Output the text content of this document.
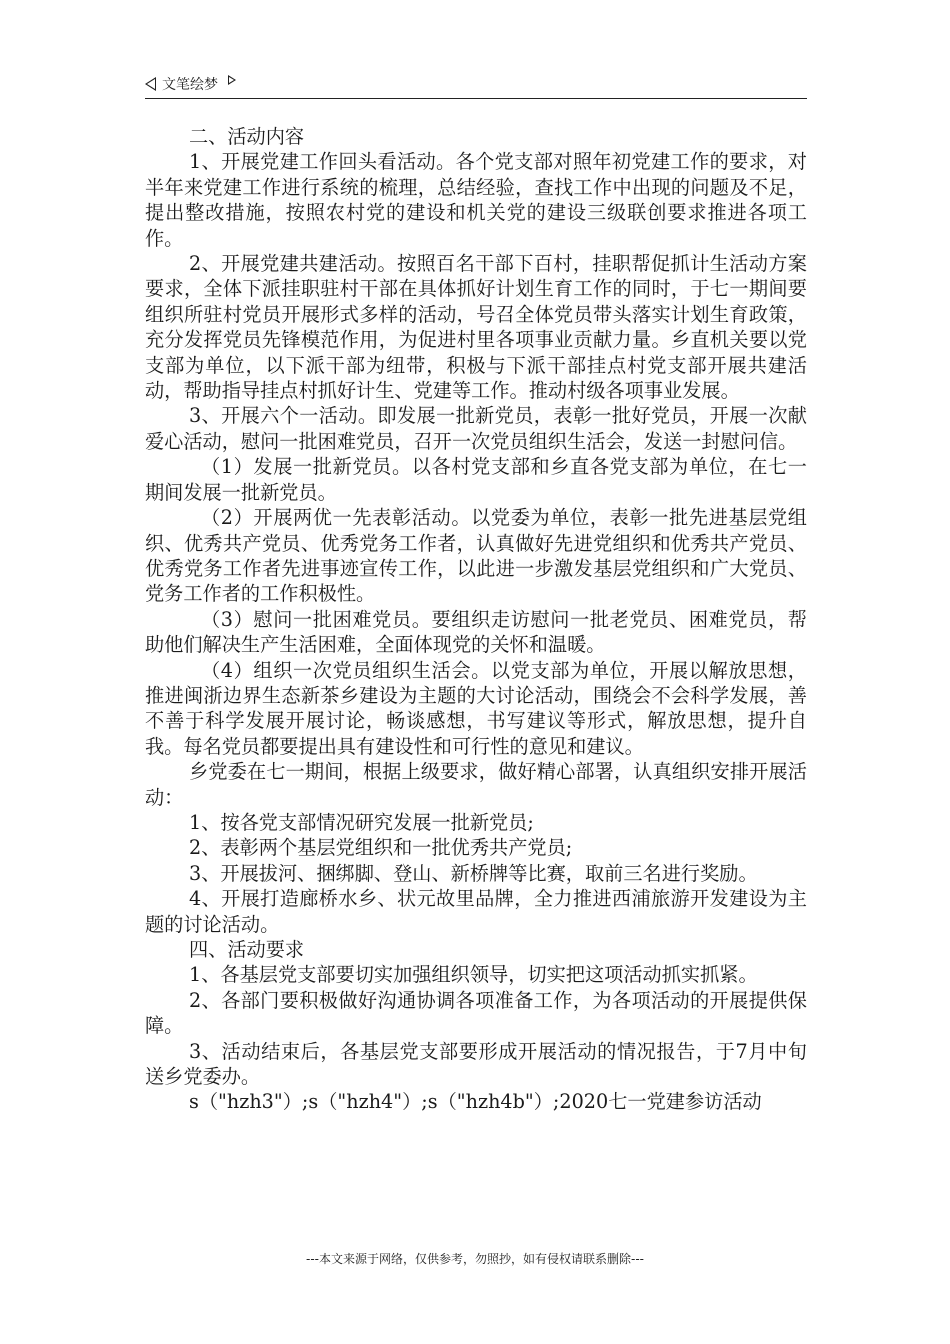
文笔绘梦

二、活动内容

1、开展党建工作回头看活动。各个党支部对照年初党建工作的要求，对半年来党建工作进行系统的梳理，总结经验，查找工作中出现的问题及不足，提出整改措施，按照农村党的建设和机关党的建设三级联创要求推进各项工作。

2、开展党建共建活动。按照百名干部下百村，挂职帮促抓计生活动方案要求，全体下派挂职驻村干部在具体抓好计划生育工作的同时，于七一期间要组织所驻村党员开展形式多样的活动，号召全体党员带头落实计划生育政策，充分发挥党员先锋模范作用，为促进村里各项事业贡献力量。乡直机关要以党支部为单位，以下派干部为纽带，积极与下派干部挂点村党支部开展共建活动，帮助指导挂点村抓好计生、党建等工作。推动村级各项事业发展。

3、开展六个一活动。即发展一批新党员，表彰一批好党员，开展一次献爱心活动，慰问一批困难党员，召开一次党员组织生活会，发送一封慰问信。

（1）发展一批新党员。以各村党支部和乡直各党支部为单位，在七一期间发展一批新党员。

（2）开展两优一先表彰活动。以党委为单位，表彰一批先进基层党组织、优秀共产党员、优秀党务工作者，认真做好先进党组织和优秀共产党员、优秀党务工作者先进事迹宣传工作，以此进一步激发基层党组织和广大党员、党务工作者的工作积极性。

（3）慰问一批困难党员。要组织走访慰问一批老党员、困难党员，帮助他们解决生产生活困难，全面体现党的关怀和温暖。

（4）组织一次党员组织生活会。以党支部为单位，开展以解放思想，推进闽浙边界生态新茶乡建设为主题的大讨论活动，围绕会不会科学发展，善不善于科学发展开展讨论，畅谈感想，书写建议等形式，解放思想，提升自我。每名党员都要提出具有建设性和可行性的意见和建议。

乡党委在七一期间，根据上级要求，做好精心部署，认真组织安排开展活动：

1、按各党支部情况研究发展一批新党员;

2、表彰两个基层党组织和一批优秀共产党员;

3、开展拔河、捆绑脚、登山、新桥牌等比赛，取前三名进行奖励。

4、开展打造廊桥水乡、状元故里品牌，全力推进西浦旅游开发建设为主题的讨论活动。

四、活动要求

1、各基层党支部要切实加强组织领导，切实把这项活动抓实抓紧。

2、各部门要积极做好沟通协调各项准备工作，为各项活动的开展提供保障。

3、活动结束后，各基层党支部要形成开展活动的情况报告，于7月中旬送乡党委办。

s（"hzh3"）;s（"hzh4"）;s（"hzh4b"）;2020七一党建参访活动

---本文来源于网络，仅供参考，勿照抄，如有侵权请联系删除---
